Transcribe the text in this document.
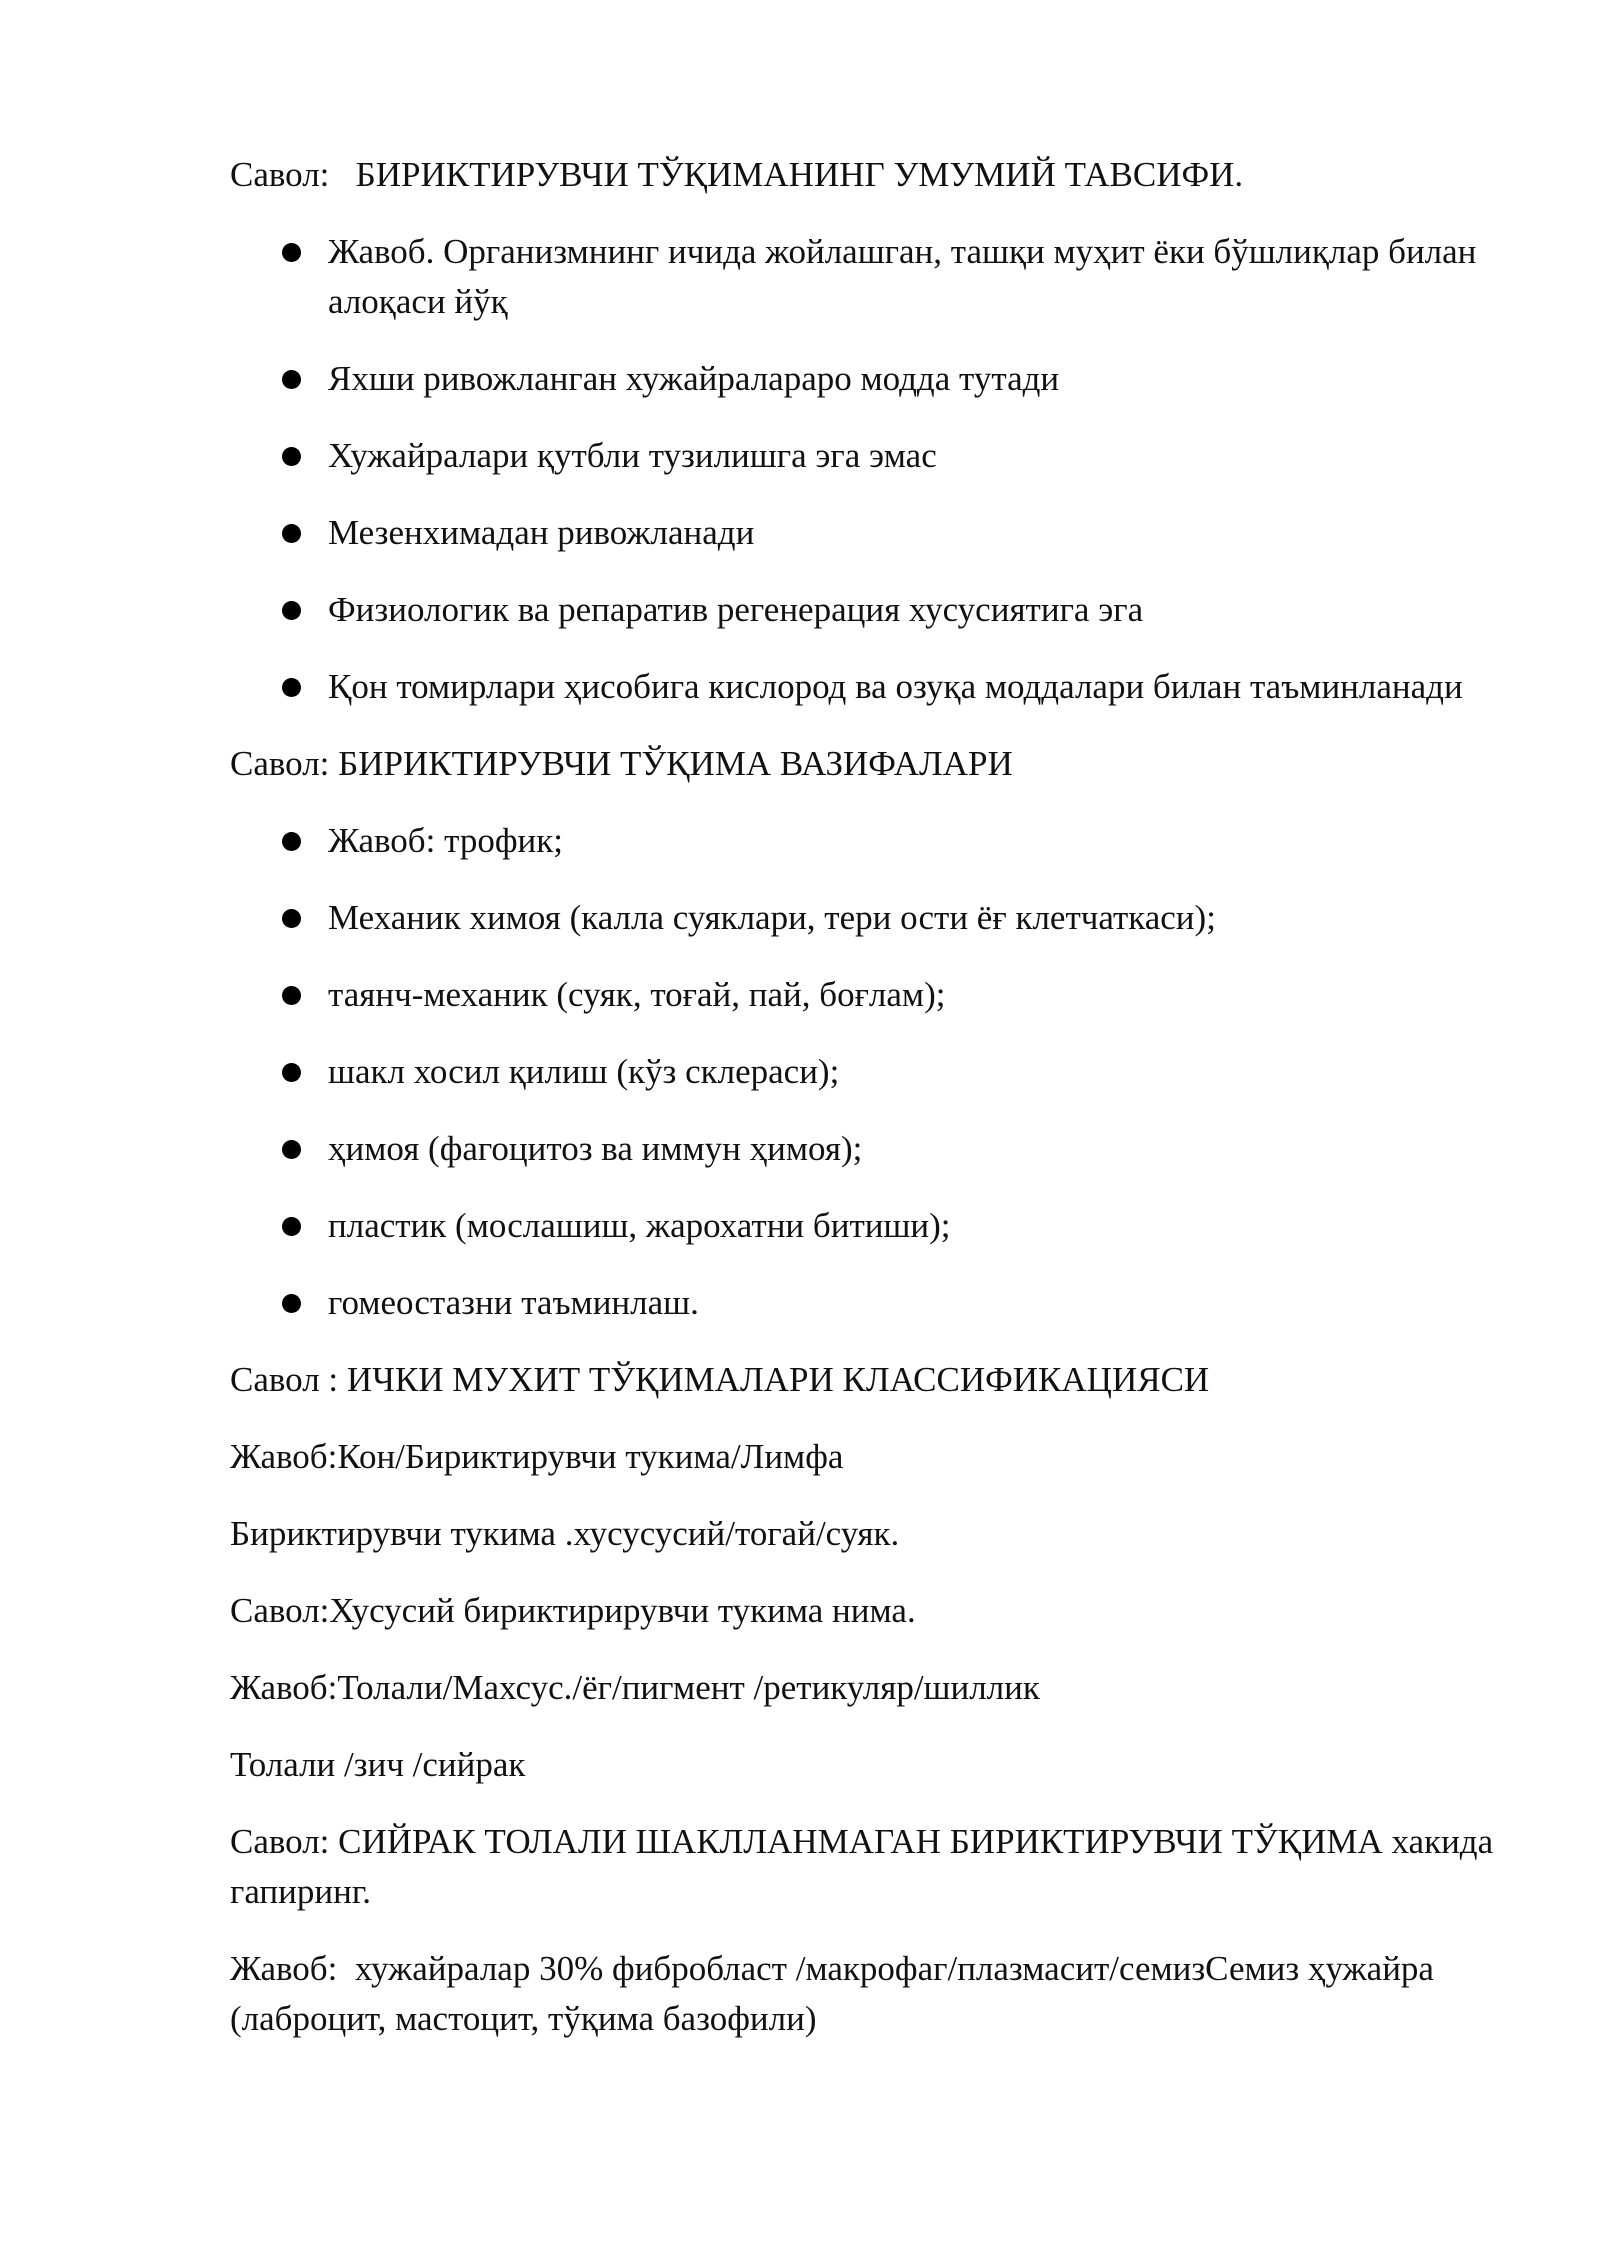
Савол:   БИРИКТИРУВЧИ ТЎҚИМАНИНГ УМУМИЙ ТАВСИФИ.

Жавоб. Организмнинг ичида жойлашган, ташқи муҳит ёки бўшлиқлар билан алоқаси йўқ
Яхши ривожланган хужайралараро модда тутади
Хужайралари қутбли тузилишга эга эмас
Мезенхимадан ривожланади
Физиологик ва репаратив регенерация хусусиятига эга
Қон томирлари ҳисобига кислород ва озуқа моддалари билан таъминланади

Савол: БИРИКТИРУВЧИ ТЎҚИМА ВАЗИФАЛАРИ

Жавоб: трофик;
Механик химоя (калла суяклари, тери ости ёғ клетчаткаси);
таянч-механик (суяк, тоғай, пай, боғлам);
шакл хосил қилиш (кўз склераси);
ҳимоя (фагоцитоз ва иммун ҳимоя);
пластик (мослашиш, жарохатни битиши);
гомеостазни таъминлаш.

Савол : ИЧКИ МУХИТ ТЎҚИМАЛАРИ КЛАССИФИКАЦИЯСИ

Жавоб:Кон/Бириктирувчи тукима/Лимфа

Бириктирувчи тукима .хусусусий/тогай/суяк.

Савол:Хусусий бириктирирувчи тукима нима.

Жавоб:Толали/Махсус./ёг/пигмент /ретикуляр/шиллик

Толали /зич /сийрак

Савол: СИЙРАК ТОЛАЛИ ШАКЛЛАНМАГАН БИРИКТИРУВЧИ ТЎҚИМА хакида гапиринг.

Жавоб:  хужайралар 30% фибробласт /макрофаг/плазмасит/семизСемиз ҳужайра (лаброцит, мастоцит, тўқима базофили)
